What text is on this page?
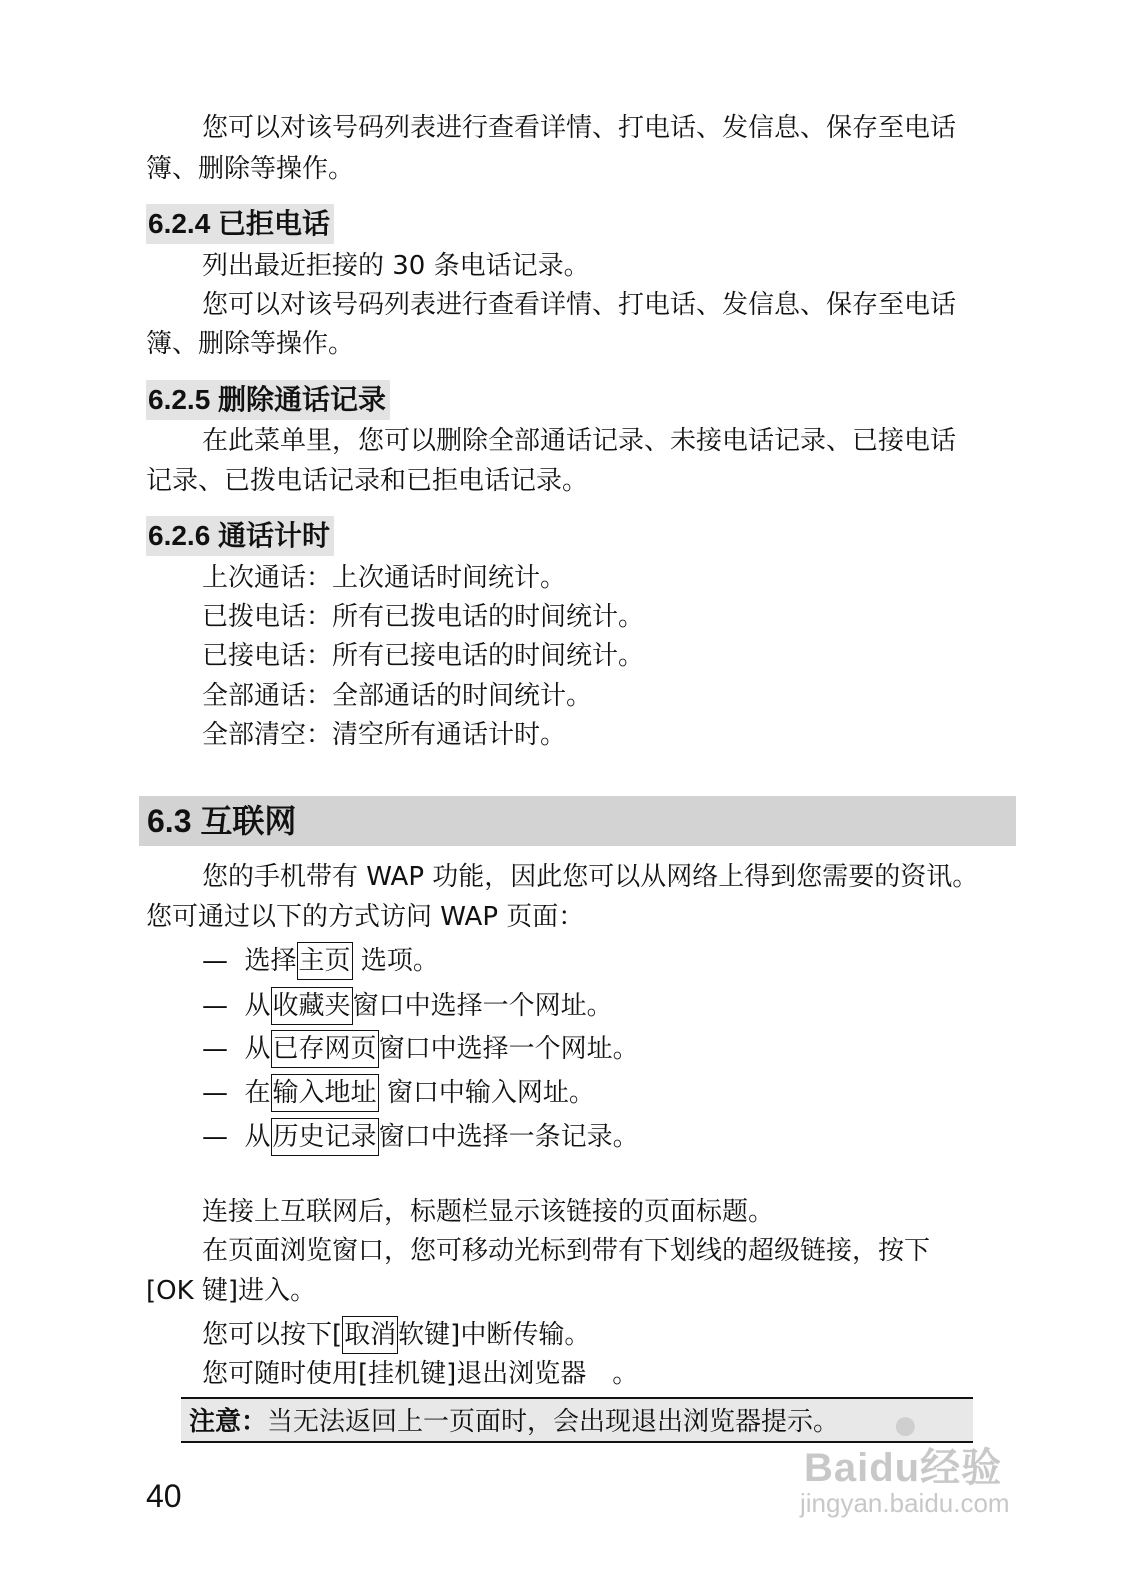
您可以对该号码列表进行查看详情、打电话、发信息、保存至电话
簿、删除等操作。
6.2.4 已拒电话
列出最近拒接的 30 条电话记录。
您可以对该号码列表进行查看详情、打电话、发信息、保存至电话
簿、删除等操作。
6.2.5 删除通话记录
在此菜单里，您可以删除全部通话记录、未接电话记录、已接电话
记录、已拨电话记录和已拒电话记录。
6.2.6 通话计时
上次通话：上次通话时间统计。
已拨电话：所有已拨电话的时间统计。
已接电话：所有已接电话的时间统计。
全部通话：全部通话的时间统计。
全部清空：清空所有通话计时。
6.3 互联网
您的手机带有 WAP 功能，因此您可以从网络上得到您需要的资讯。
您可通过以下的方式访问 WAP 页面：
— 选择主页 选项。
— 从收藏夹窗口中选择一个网址。
— 从已存网页窗口中选择一个网址。
— 在输入地址 窗口中输入网址。
— 从历史记录窗口中选择一条记录。
连接上互联网后，标题栏显示该链接的页面标题。
在页面浏览窗口，您可移动光标到带有下划线的超级链接，按下
[OK 键]进入。
您可以按下[取消软键]中断传输。
您可随时使用[挂机键]退出浏览器　。
注意：当无法返回上一页面时，会出现退出浏览器提示。
40
●
Baidu经验
jingyan.baidu.com
